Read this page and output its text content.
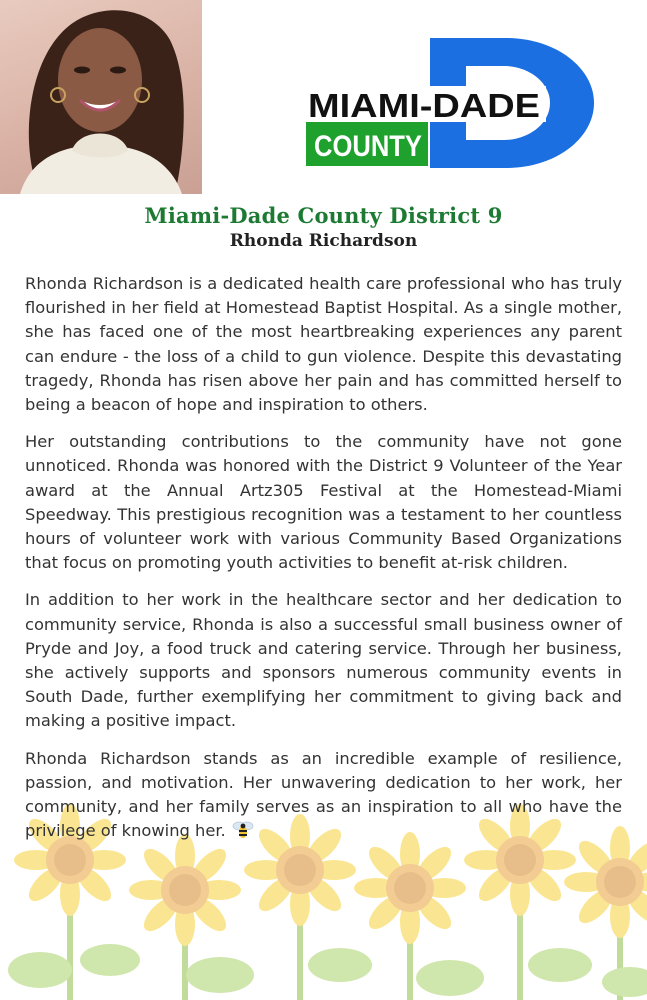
MIAMI-DADE
COUNTY
Miami-Dade County District 9
Rhonda Richardson

Rhonda Richardson is a dedicated health care professional who has truly flourished in her field at Homestead Baptist Hospital. As a single mother, she has faced one of the most heartbreaking experiences any parent can endure - the loss of a child to gun violence. Despite this devastating tragedy, Rhonda has risen above her pain and has committed herself to being a beacon of hope and inspiration to others.

Her outstanding contributions to the community have not gone unnoticed. Rhonda was honored with the District 9 Volunteer of the Year award at the Annual Artz305 Festival at the Homestead-Miami Speedway. This prestigious recognition was a testament to her countless hours of volunteer work with various Community Based Organizations that focus on promoting youth activities to benefit at-risk children.

In addition to her work in the healthcare sector and her dedication to community service, Rhonda is also a successful small business owner of Pryde and Joy, a food truck and catering service. Through her business, she actively supports and sponsors numerous community events in South Dade, further exemplifying her commitment to giving back and making a positive impact.

Rhonda Richardson stands as an incredible example of resilience, passion, and motivation. Her unwavering dedication to her work, her community, and her family serves as an inspiration to all who have the privilege of knowing her.
